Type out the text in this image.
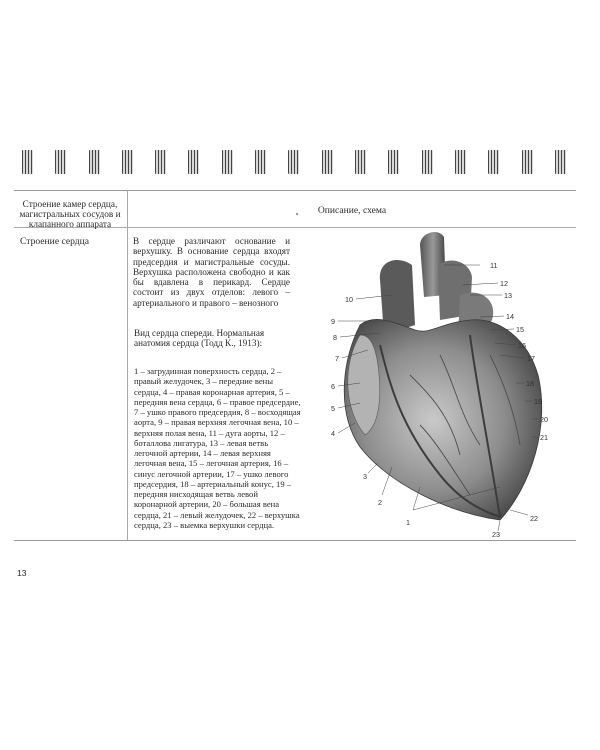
Строение камер сердца, магистральных сосудов и клапанного аппарата
Описание, схема
Строение сердца	В сердце различают основание и верхушку. В основание сердца входят предсердия и магистральные сосуды. Верхушка расположена свободно и как бы вдавлена в перикард. Сердце состоит из двух отделов: левого – артериального и правого – венозного
Вид сердца спереди. Нормальная анатомия сердца (Тодд К., 1913):
1 – загрудинная поверхность сердца, 2 – правый желудочек, 3 – передние вены сердца, 4 – правая коронарная артерия, 5 – передняя вена сердца, 6 – правое предсердие, 7 – ушко правого предсердия, 8 – восходящая аорта, 9 – правая верхняя легочная вена, 10 – верхняя полая вена, 11 – дуга аорты, 12 – боталлова лигатура, 13 – левая ветвь легочной артерии, 14 – левая верхняя легочная вена, 15 – легочная артерия, 16 – синус легочной артерии, 17 – ушко левого предсердия, 18 – артериальный конус, 19 – передняя нисходящая ветвь левой коронарной артерии, 20 – большая вена сердца, 21 – левый желудочек, 22 – верхушка сердца, 23 – выемка верхушки сердца.	1
2
3
4
5
6
7
8
9
10
11
12
13
14
15
16
17
18
19
20
21
22
23
13
